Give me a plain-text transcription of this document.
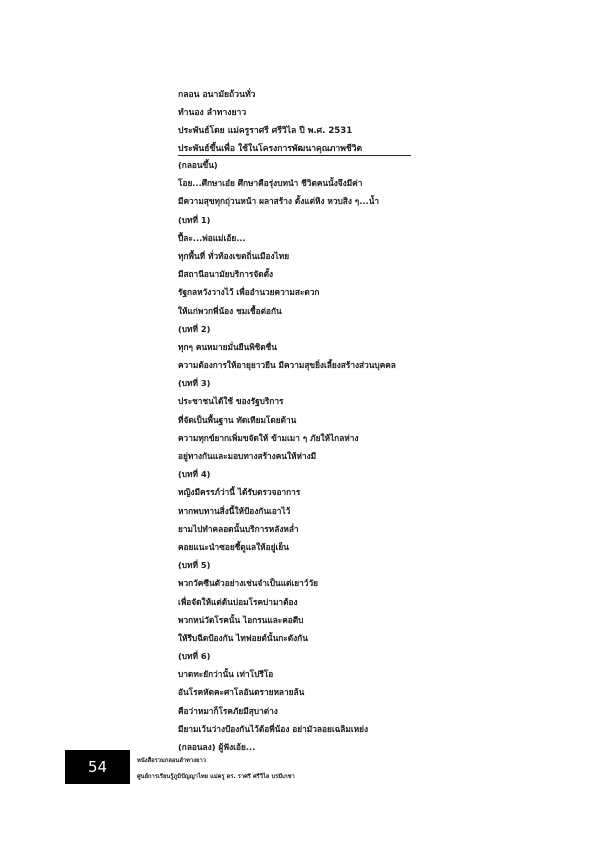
กลอน อนามัยถ้วนทั่ว
ทำนอง ลำทางยาว
ประพันธ์โดย แม่ครูราศรี ศรีวิไล ปี พ.ศ. 2531
ประพันธ์ขึ้นเพื่อ ใช้ในโครงการพัฒนาคุณภาพชีวิต
(กลอนขึ้น)
โอย...ศึกษาเอ๋ย ศึกษาคือรุ่งบทนำ ชีวิตคนนั้งจึงมีค่า
มีความสุขทุกถุ่วนหน้า ผลาสร้าง ตั้งแต่หิง หวบสิง ๆ...น้ำ
(บทที่ 1)
ปี้ละ...พ่อแม่เอ้ย...
ทุกพื้นที่ ทั่วท้องเขตถิ่นเมืองไทย
มีสถานีอนามัยบริการจัดตั้ง
รัฐกลหวังวางไว้ เพื่ออำนวยความสะดวก
ให้แก่พวกพี่น้อง ชมเชื้อต่อกัน
(บทที่ 2)
ทุกๆ คนหมายมั่นยืนพิชิตชื่น
ความต้องการให้อายุยาวยืน มีความสุขยิ่งเลี้ยงสร้างส่วนบุคคล
(บทที่ 3)
ประชาชนได้ใช้ ของรัฐบริการ
ที่จัดเป็นพื้นฐาน ทัดเทียมโดยด้าน
ความทุกข์ยากเพิ่มขจัดให้ ข้ามเมา ๆ ภัยให้ไกลห่าง
อยู่ทางกันและมอบทางสร้างคนให้ห่างมี
(บทที่ 4)
หญิงมีครรภ์ว่านี้ ได้รับตรวจอาการ
หากพบทานสิ่งนี้ให้ป้องกันเอาไว้
ยามไปทำคลอดนั้นบริการหลังหล่ำ
คอยแนะนำซอยชี้ดูแลให้อยู่เย็น
(บทที่ 5)
พวกวัคซีนตัวอย่างเช่นจำเป็นแต่เยาว์วัย
เพื่อจัดให้แต่ต้นบ่อมโรคบ่ามาต้อง
พวกหน่วัดโรคนั้น ไอกรนและคอตีบ
ให้รีบฉีดป้องกัน ไทฟอยด์นั้นกะดังกัน
(บทที่ 6)
บาดทะยักว่านั้น เท่าโปรีโอ
อันโรคหัดคะศาโลอันตรายหลายล้น
คือว่าหมาก็โรคภัยมีสุบาต่าง
มียามเว้นว่างป้องกันไว้ต้อพี่น้อง อย่ามัวลอยเฉลิมเหย่ง
(กลอนลง) ผู้ฟังเอ้ย...
54	หนังสือรวมกลอนลำทางยาว
ศูนย์การเรียนรู้ภูมิปัญญาไทย แม่ครู ดร. ราศรี ศรีวิไล บรมีเกชา
